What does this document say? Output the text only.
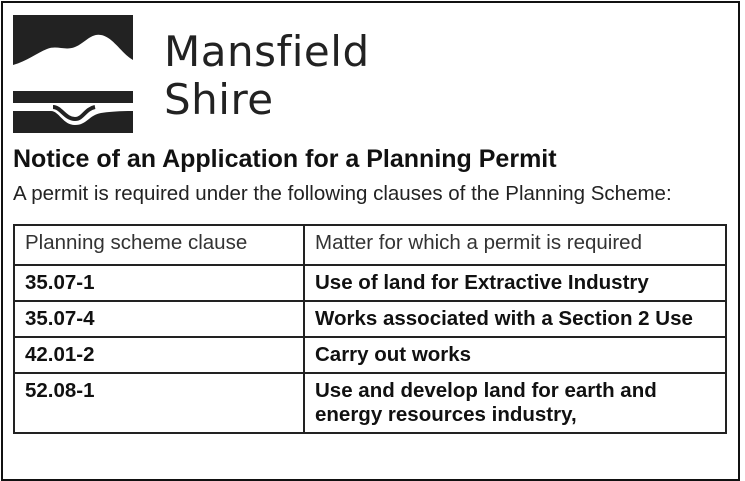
Mansfield
Shire
Notice of an Application for a Planning Permit
A permit is required under the following clauses of the Planning Scheme:
Planning scheme clause	Matter for which a permit is required
35.07-1	Use of land for Extractive Industry
35.07-4	Works associated with a Section 2 Use
42.01-2	Carry out works
52.08-1	Use and develop land for earth and energy resources industry,
